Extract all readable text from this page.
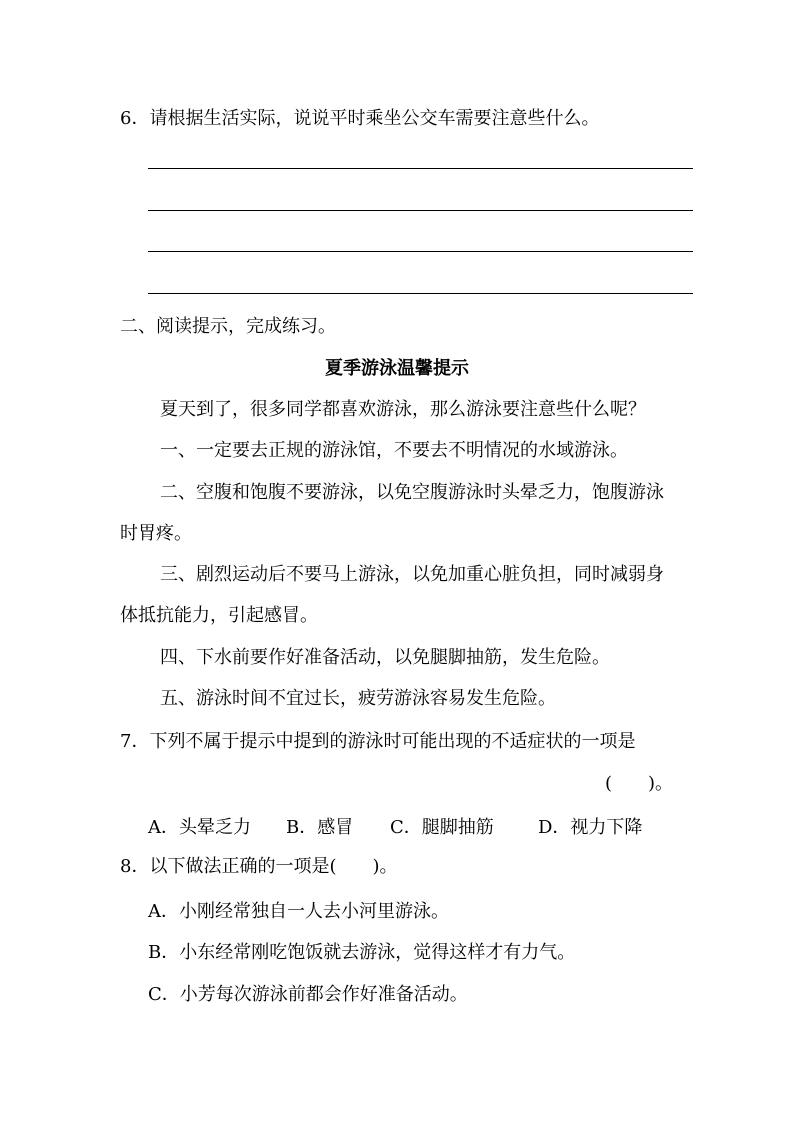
6．请根据生活实际，说说平时乘坐公交车需要注意些什么。
二、阅读提示，完成练习。
夏季游泳温馨提示
夏天到了，很多同学都喜欢游泳，那么游泳要注意些什么呢？
一、一定要去正规的游泳馆，不要去不明情况的水域游泳。
二、空腹和饱腹不要游泳，以免空腹游泳时头晕乏力，饱腹游泳
时胃疼。
三、剧烈运动后不要马上游泳，以免加重心脏负担，同时减弱身
体抵抗能力，引起感冒。
四、下水前要作好准备活动，以免腿脚抽筋，发生危险。
五、游泳时间不宜过长，疲劳游泳容易发生危险。
7．下列不属于提示中提到的游泳时可能出现的不适症状的一项是
(　　)。
A．头晕乏力 B．感冒 C．腿脚抽筋 D．视力下降
8．以下做法正确的一项是(　　)。
A．小刚经常独自一人去小河里游泳。
B．小东经常刚吃饱饭就去游泳，觉得这样才有力气。
C．小芳每次游泳前都会作好准备活动。
